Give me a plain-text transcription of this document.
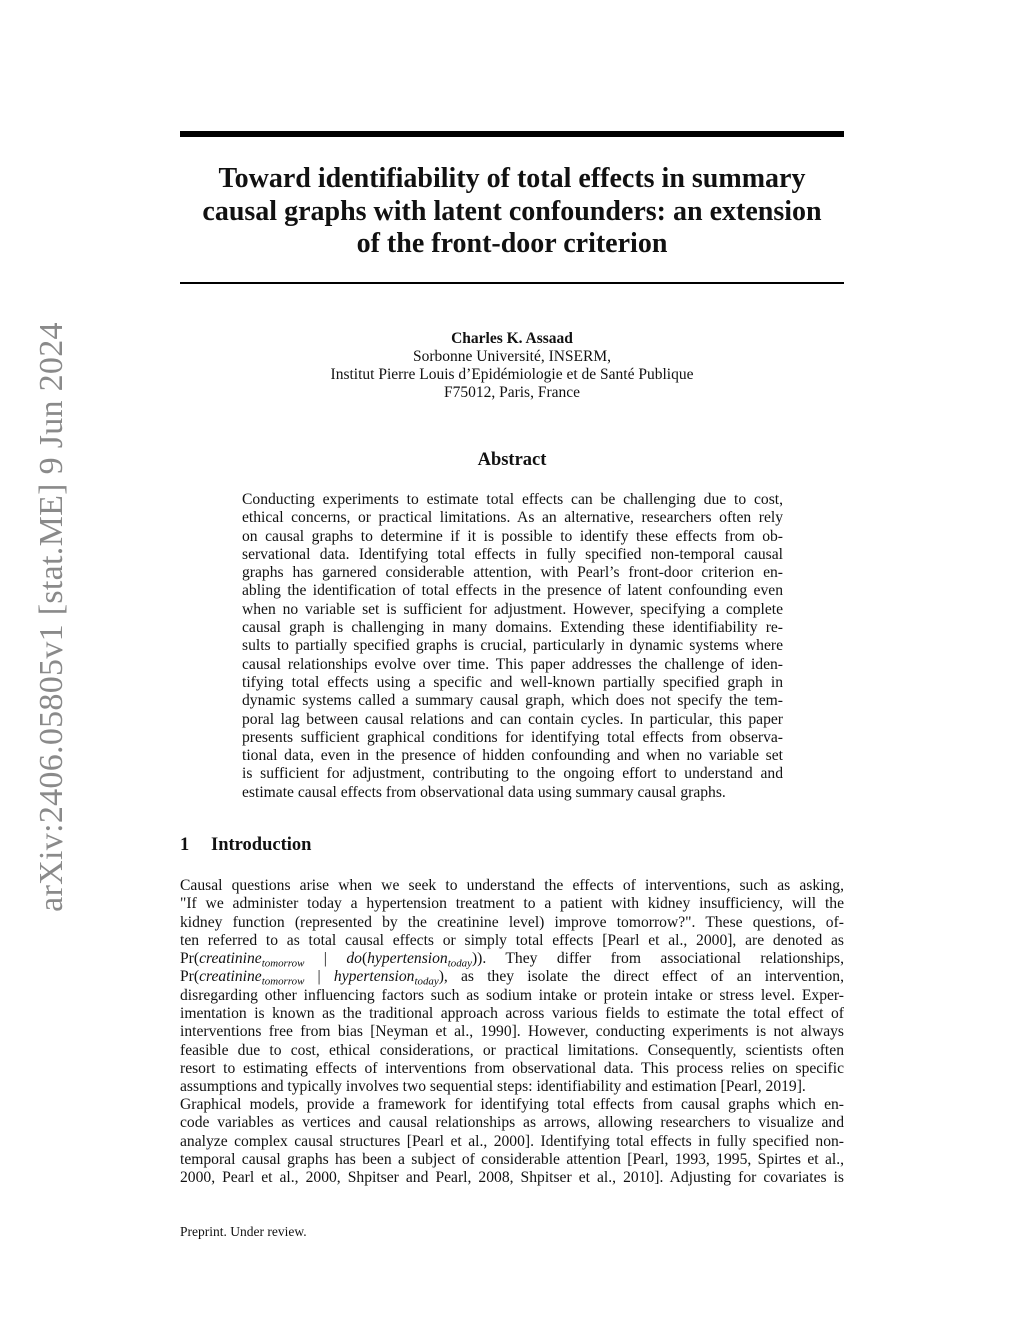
arXiv:2406.05805v1 [stat.ME] 9 Jun 2024
Toward identifiability of total effects in summary
causal graphs with latent confounders: an extension
of the front-door criterion
Charles K. Assaad
Sorbonne Université, INSERM,
Institut Pierre Louis d’Epidémiologie et de Santé Publique
F75012, Paris, France
Abstract
Conducting experiments to estimate total effects can be challenging due to cost,
ethical concerns, or practical limitations. As an alternative, researchers often rely
on causal graphs to determine if it is possible to identify these effects from ob-
servational data. Identifying total effects in fully specified non-temporal causal
graphs has garnered considerable attention, with Pearl’s front-door criterion en-
abling the identification of total effects in the presence of latent confounding even
when no variable set is sufficient for adjustment. However, specifying a complete
causal graph is challenging in many domains. Extending these identifiability re-
sults to partially specified graphs is crucial, particularly in dynamic systems where
causal relationships evolve over time. This paper addresses the challenge of iden-
tifying total effects using a specific and well-known partially specified graph in
dynamic systems called a summary causal graph, which does not specify the tem-
poral lag between causal relations and can contain cycles. In particular, this paper
presents sufficient graphical conditions for identifying total effects from observa-
tional data, even in the presence of hidden confounding and when no variable set
is sufficient for adjustment, contributing to the ongoing effort to understand and
estimate causal effects from observational data using summary causal graphs.
1 Introduction
Causal questions arise when we seek to understand the effects of interventions, such as asking,
"If we administer today a hypertension treatment to a patient with kidney insufficiency, will the
kidney function (represented by the creatinine level) improve tomorrow?". These questions, of-
ten referred to as total causal effects or simply total effects [Pearl et al., 2000], are denoted as
Pr(creatinine$_{tomorrow}$ | do(hypertension$_{today}$)). They differ from associational relationships,
Pr(creatinine$_{tomorrow}$ | hypertension$_{today}$), as they isolate the direct effect of an intervention,
disregarding other influencing factors such as sodium intake or protein intake or stress level. Exper-
imentation is known as the traditional approach across various fields to estimate the total effect of
interventions free from bias [Neyman et al., 1990]. However, conducting experiments is not always
feasible due to cost, ethical considerations, or practical limitations. Consequently, scientists often
resort to estimating effects of interventions from observational data. This process relies on specific
assumptions and typically involves two sequential steps: identifiability and estimation [Pearl, 2019].
Graphical models, provide a framework for identifying total effects from causal graphs which en-
code variables as vertices and causal relationships as arrows, allowing researchers to visualize and
analyze complex causal structures [Pearl et al., 2000]. Identifying total effects in fully specified non-
temporal causal graphs has been a subject of considerable attention [Pearl, 1993, 1995, Spirtes et al.,
2000, Pearl et al., 2000, Shpitser and Pearl, 2008, Shpitser et al., 2010]. Adjusting for covariates is
Preprint. Under review.
